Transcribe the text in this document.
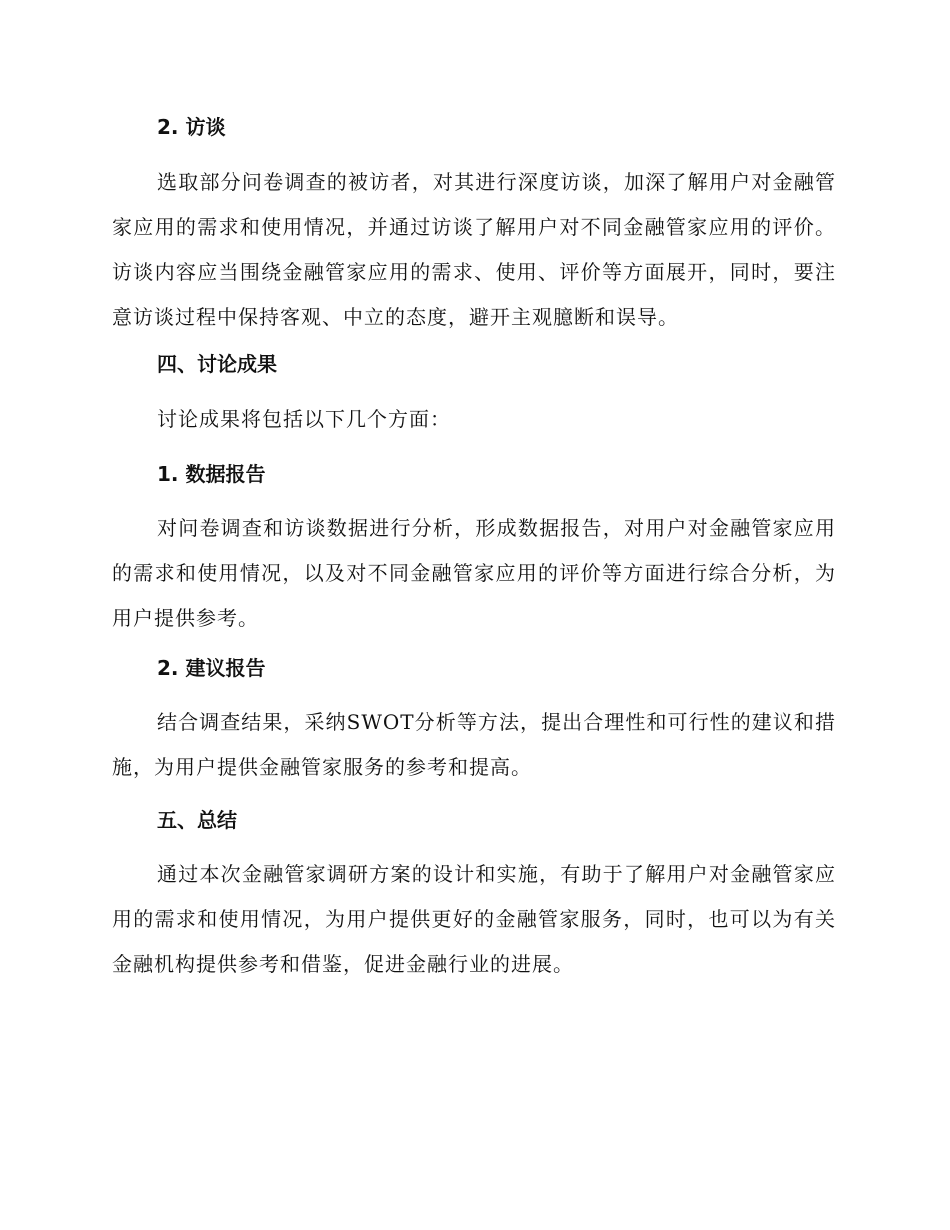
2. 访谈

选取部分问卷调查的被访者，对其进行深度访谈，加深了解用户对金融管家应用的需求和使用情况，并通过访谈了解用户对不同金融管家应用的评价。访谈内容应当围绕金融管家应用的需求、使用、评价等方面展开，同时，要注意访谈过程中保持客观、中立的态度，避开主观臆断和误导。

四、讨论成果

讨论成果将包括以下几个方面：

1. 数据报告

对问卷调查和访谈数据进行分析，形成数据报告，对用户对金融管家应用的需求和使用情况，以及对不同金融管家应用的评价等方面进行综合分析，为用户提供参考。

2. 建议报告

结合调查结果，采纳SWOT分析等方法，提出合理性和可行性的建议和措施，为用户提供金融管家服务的参考和提高。

五、总结

通过本次金融管家调研方案的设计和实施，有助于了解用户对金融管家应用的需求和使用情况，为用户提供更好的金融管家服务，同时，也可以为有关金融机构提供参考和借鉴，促进金融行业的进展。
